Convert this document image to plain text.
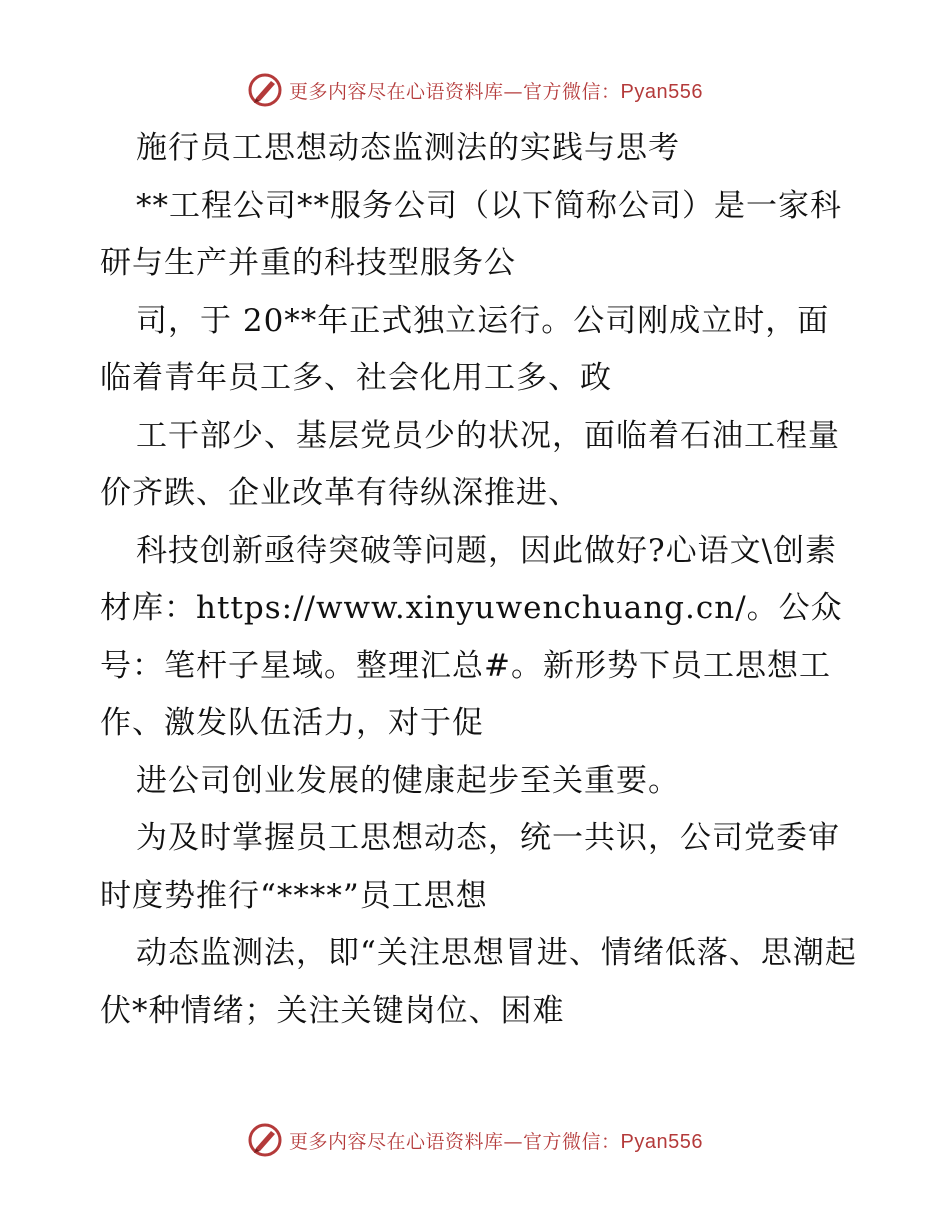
更多内容尽在心语资料库—官方微信：Pyan556

施行员工思想动态监测法的实践与思考

**工程公司**服务公司（以下简称公司）是一家科研与生产并重的科技型服务公

司，于 20**年正式独立运行。公司刚成立时，面临着青年员工多、社会化用工多、政

工干部少、基层党员少的状况，面临着石油工程量价齐跌、企业改革有待纵深推进、

科技创新亟待突破等问题，因此做好?心语文\创素材库：https://www.xinyuwenchuang.cn/。公众号：笔杆子星域。整理汇总#。新形势下员工思想工作、激发队伍活力，对于促

进公司创业发展的健康起步至关重要。

为及时掌握员工思想动态，统一共识，公司党委审时度势推行“****”员工思想

动态监测法，即“关注思想冒进、情绪低落、思潮起伏*种情绪；关注关键岗位、困难

更多内容尽在心语资料库—官方微信：Pyan556
